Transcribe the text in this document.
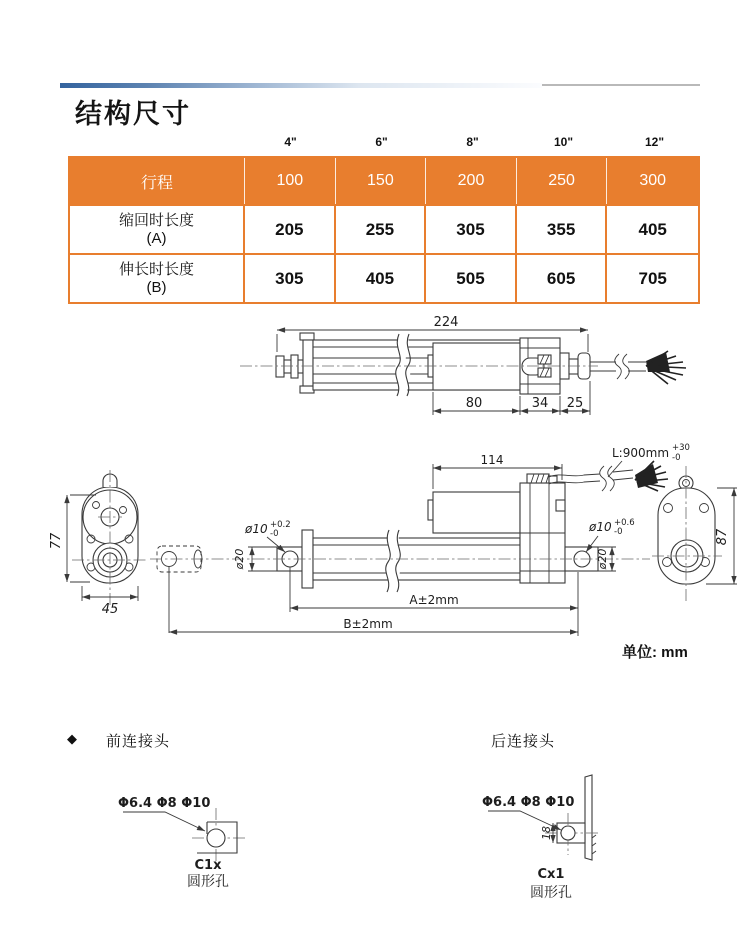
结构尺寸
4"	6"	8"	10"	12"
行程	100	150	200	250	300
缩回时长度
(A)	205	255	305	355	405
伸长时长度
(B)	305	405	505	605	705
224
80	34 25
77
45
87
ø20
ø10 +0.2
-0
ø20
ø10 +0.6
-0
114	L:900mm +30
-0
A±2mm
B±2mm
单位: mm
◆ 前连接头	后连接头
Φ6.4 Φ8 Φ10
C1x
圆形孔
18
Φ6.4 Φ8 Φ10
Cx1
圆形孔
